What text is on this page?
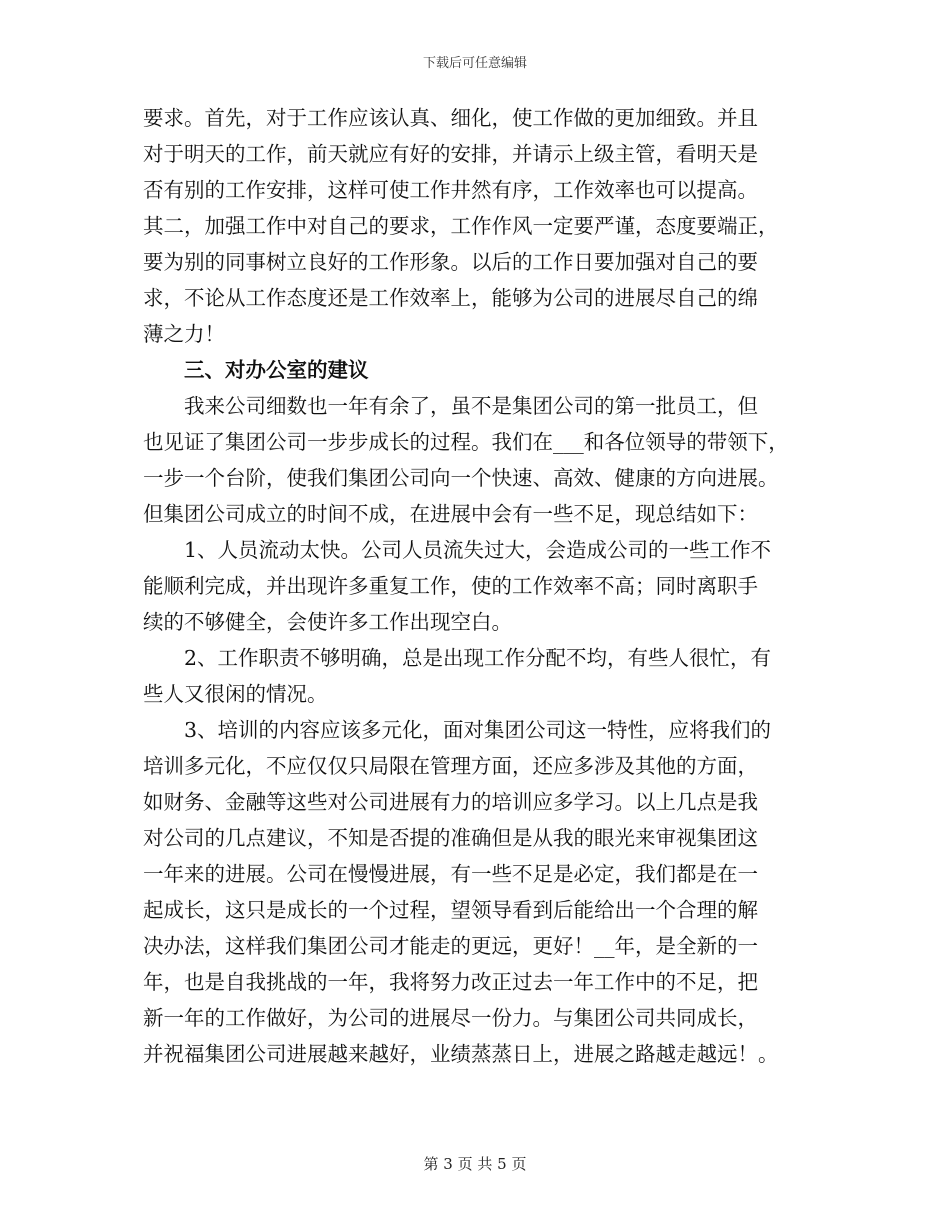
下载后可任意编辑
要求。首先，对于工作应该认真、细化，使工作做的更加细致。并且
对于明天的工作，前天就应有好的安排，并请示上级主管，看明天是
否有别的工作安排，这样可使工作井然有序，工作效率也可以提高。
其二，加强工作中对自己的要求，工作作风一定要严谨，态度要端正，
要为别的同事树立良好的工作形象。以后的工作日要加强对自己的要
求，不论从工作态度还是工作效率上，能够为公司的进展尽自己的绵
薄之力！
三、对办公室的建议
我来公司细数也一年有余了，虽不是集团公司的第一批员工，但
也见证了集团公司一步步成长的过程。我们在___和各位领导的带领下，
一步一个台阶，使我们集团公司向一个快速、高效、健康的方向进展。
但集团公司成立的时间不成，在进展中会有一些不足，现总结如下：
1、人员流动太快。公司人员流失过大，会造成公司的一些工作不
能顺利完成，并出现许多重复工作，使的工作效率不高；同时离职手
续的不够健全，会使许多工作出现空白。
2、工作职责不够明确，总是出现工作分配不均，有些人很忙，有
些人又很闲的情况。
3、培训的内容应该多元化，面对集团公司这一特性，应将我们的
培训多元化，不应仅仅只局限在管理方面，还应多涉及其他的方面，
如财务、金融等这些对公司进展有力的培训应多学习。以上几点是我
对公司的几点建议，不知是否提的准确但是从我的眼光来审视集团这
一年来的进展。公司在慢慢进展，有一些不足是必定，我们都是在一
起成长，这只是成长的一个过程，望领导看到后能给出一个合理的解
决办法，这样我们集团公司才能走的更远，更好！__年，是全新的一
年，也是自我挑战的一年，我将努力改正过去一年工作中的不足，把
新一年的工作做好，为公司的进展尽一份力。与集团公司共同成长，
并祝福集团公司进展越来越好，业绩蒸蒸日上，进展之路越走越远！。
第 3 页 共 5 页
